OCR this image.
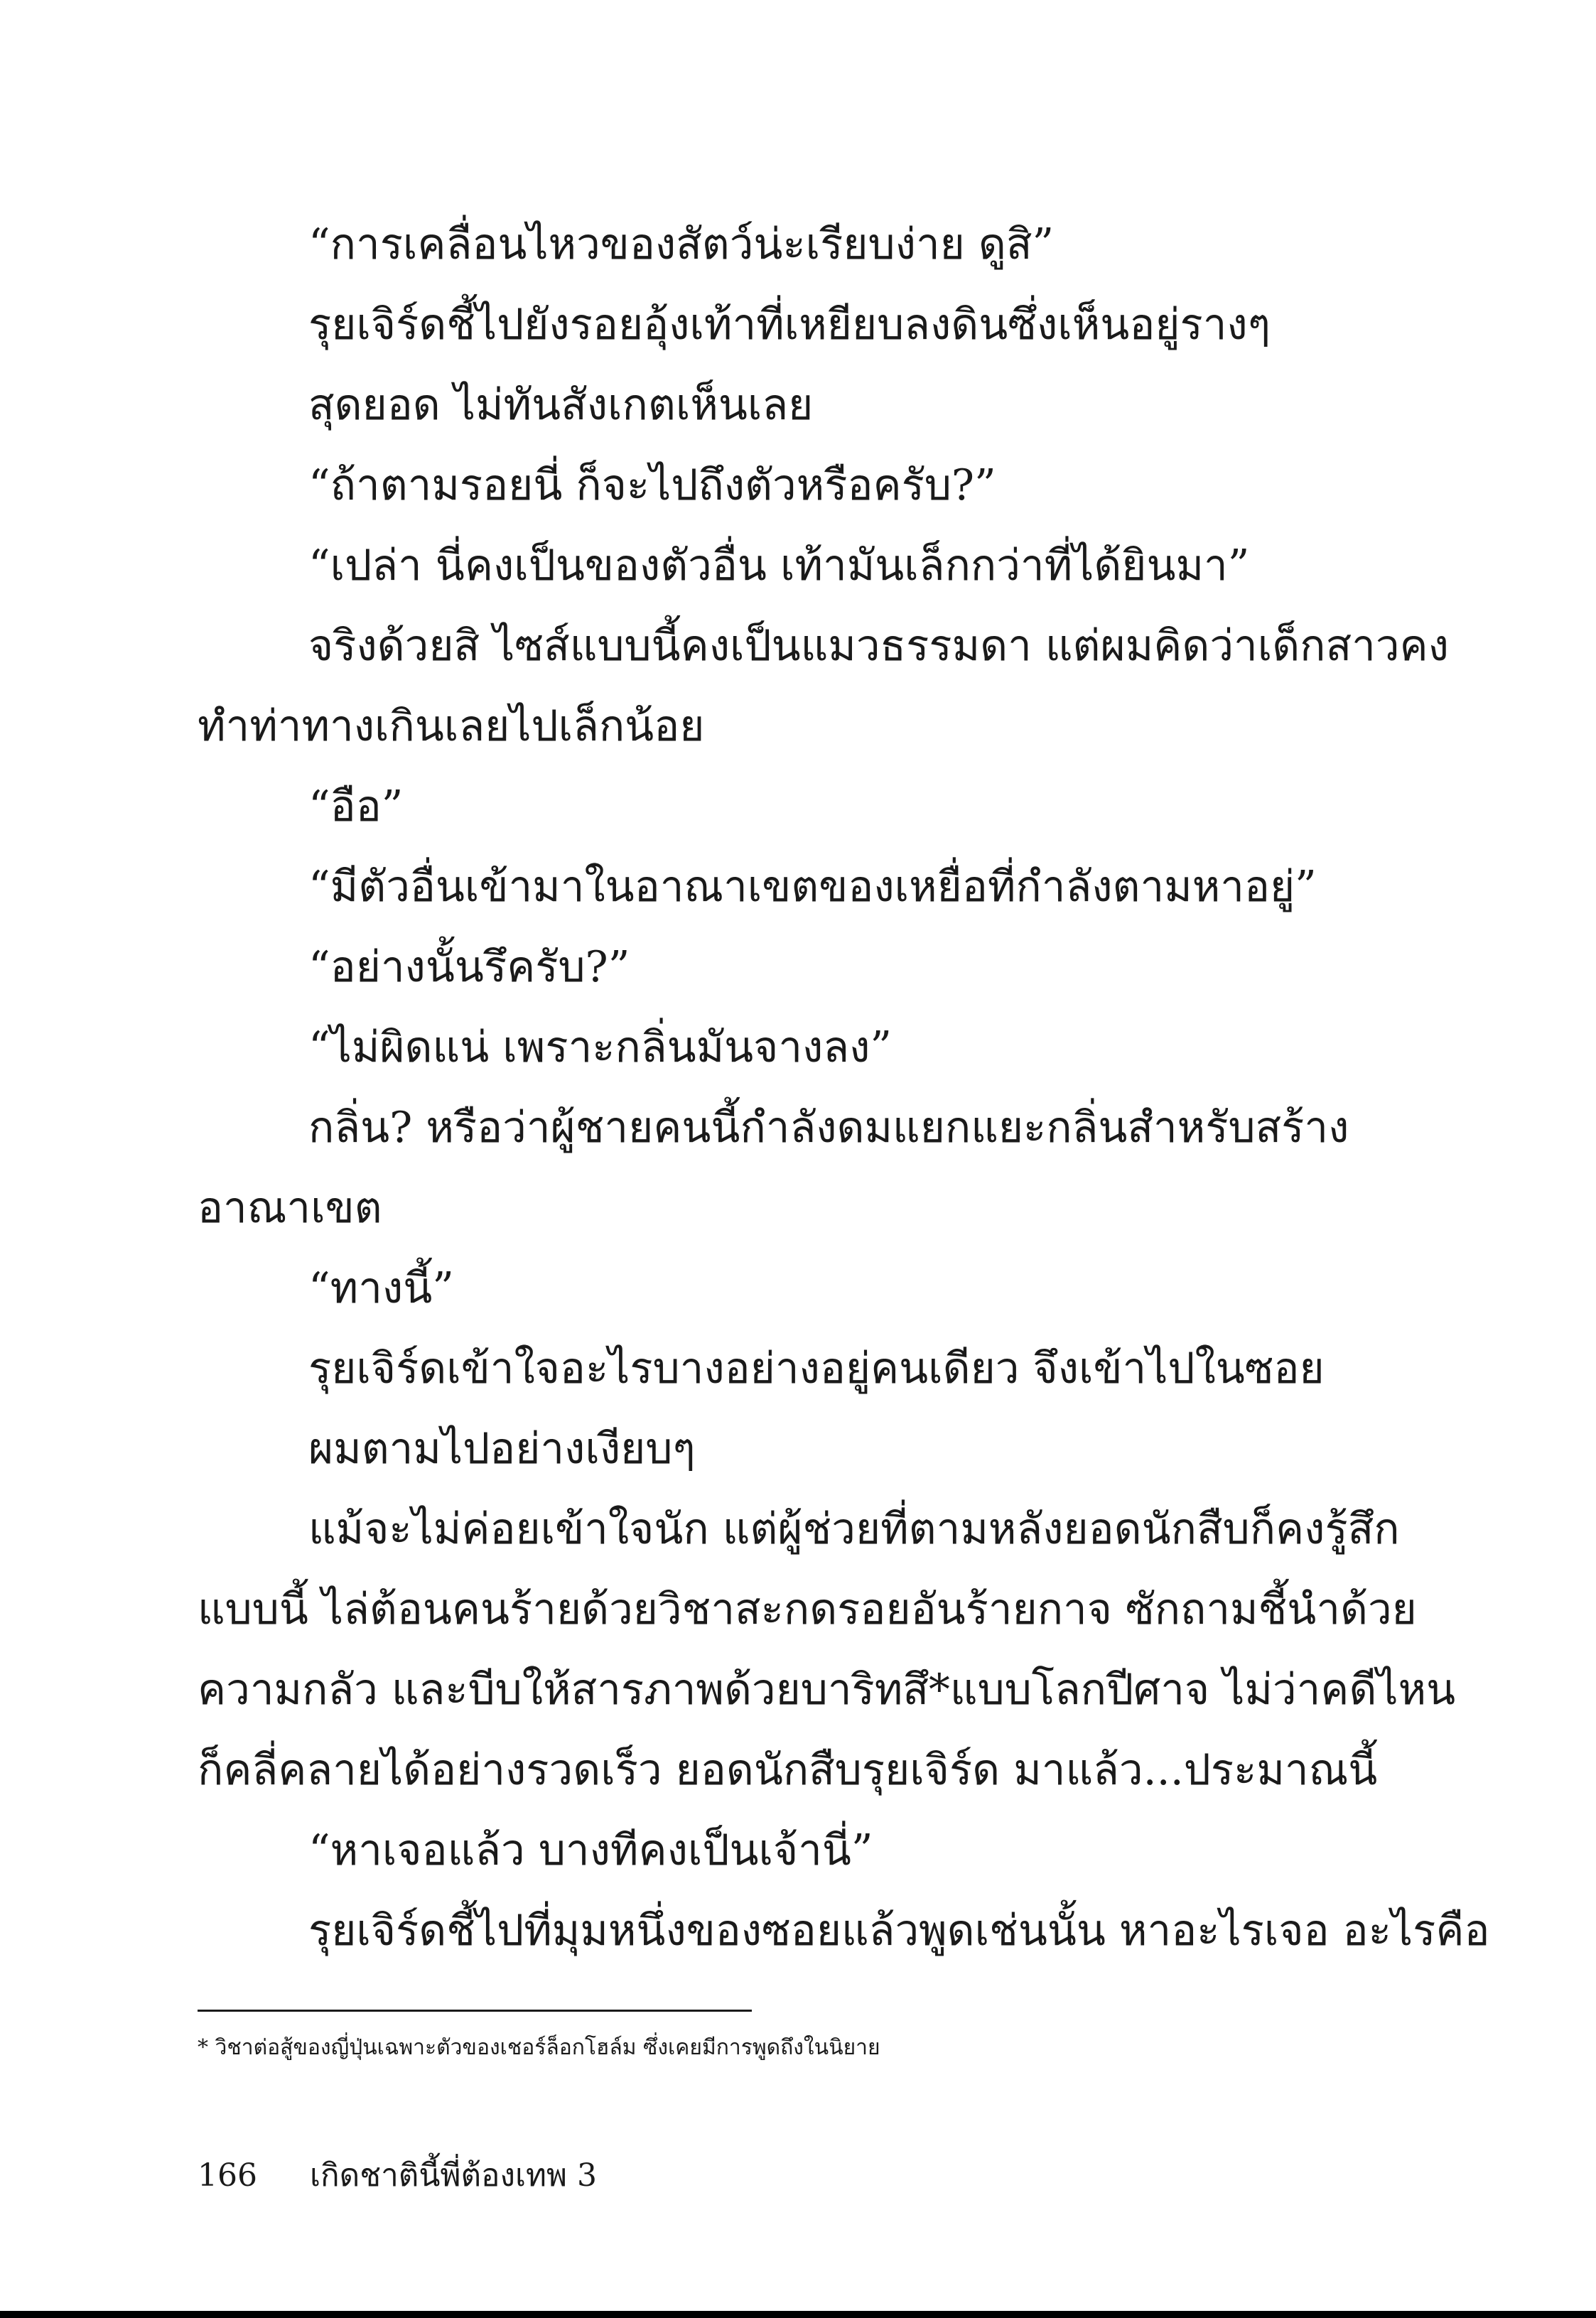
“การเคลื่อนไหวของสัตว์น่ะเรียบง่าย ดูสิ”
รุยเจิร์ดชี้ไปยังรอยอุ้งเท้าที่เหยียบลงดินซึ่งเห็นอยู่รางๆ
สุดยอด ไม่ทันสังเกตเห็นเลย
“ถ้าตามรอยนี่ ก็จะไปถึงตัวหรือครับ?”
“เปล่า นี่คงเป็นของตัวอื่น เท้ามันเล็กกว่าที่ได้ยินมา”
จริงด้วยสิ ไซส์แบบนี้คงเป็นแมวธรรมดา แต่ผมคิดว่าเด็กสาวคง
ทำท่าทางเกินเลยไปเล็กน้อย
“อือ”
“มีตัวอื่นเข้ามาในอาณาเขตของเหยื่อที่กำลังตามหาอยู่”
“อย่างนั้นรึครับ?”
“ไม่ผิดแน่ เพราะกลิ่นมันจางลง”
กลิ่น? หรือว่าผู้ชายคนนี้กำลังดมแยกแยะกลิ่นสำหรับสร้าง
อาณาเขต
“ทางนี้”
รุยเจิร์ดเข้าใจอะไรบางอย่างอยู่คนเดียว จึงเข้าไปในซอย
ผมตามไปอย่างเงียบๆ
แม้จะไม่ค่อยเข้าใจนัก แต่ผู้ช่วยที่ตามหลังยอดนักสืบก็คงรู้สึก
แบบนี้ ไล่ต้อนคนร้ายด้วยวิชาสะกดรอยอันร้ายกาจ ซักถามชี้นำด้วย
ความกลัว และบีบให้สารภาพด้วยบาริทสึ*แบบโลกปีศาจ ไม่ว่าคดีไหน
ก็คลี่คลายได้อย่างรวดเร็ว ยอดนักสืบรุยเจิร์ด มาแล้ว...ประมาณนี้
“หาเจอแล้ว บางทีคงเป็นเจ้านี่”
รุยเจิร์ดชี้ไปที่มุมหนึ่งของซอยแล้วพูดเช่นนั้น หาอะไรเจอ อะไรคือ
* วิชาต่อสู้ของญี่ปุ่นเฉพาะตัวของเชอร์ล็อกโฮล์ม ซึ่งเคยมีการพูดถึงในนิยาย
166 เกิดชาตินี้พี่ต้องเทพ 3
